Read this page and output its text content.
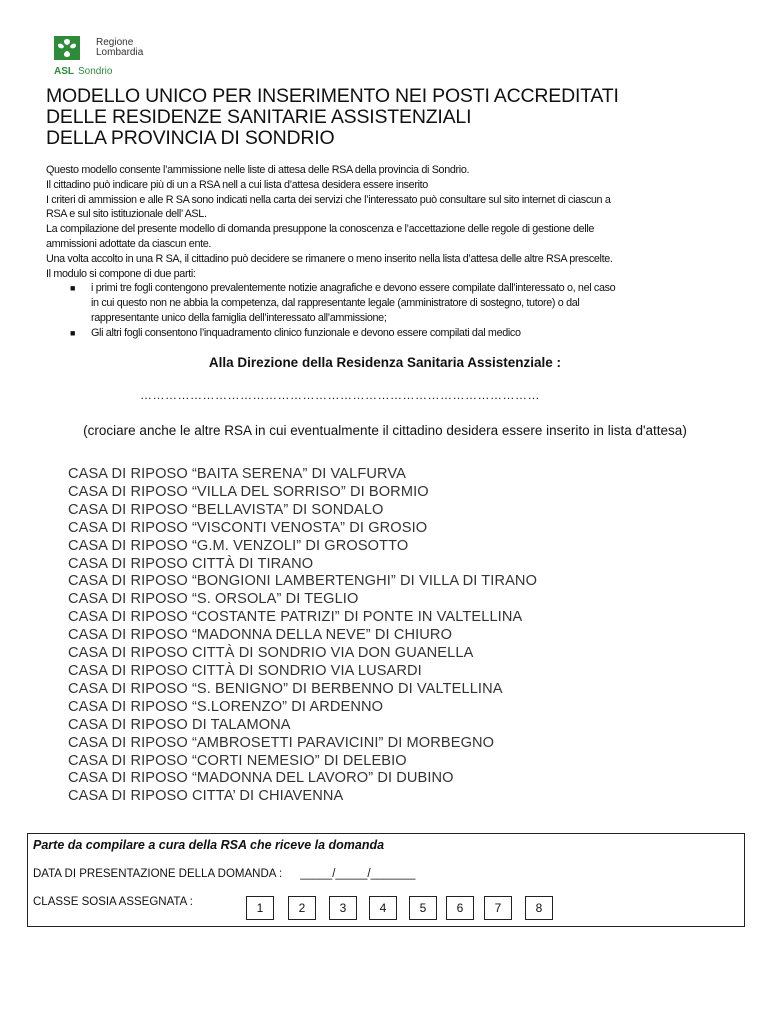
Regione
Lombardia
ASL Sondrio
MODELLO UNICO PER INSERIMENTO NEI POSTI ACCREDITATI
DELLE RESIDENZE SANITARIE ASSISTENZIALI
DELLA PROVINCIA DI SONDRIO
Questo modello consente l’ammissione nelle liste di attesa delle RSA della provincia di Sondrio.
Il cittadino può indicare più di un a RSA nell a cui lista d’attesa desidera essere inserito
I criteri di ammission e alle R SA sono indicati nella carta dei servizi che l’interessato può consultare sul sito internet di ciascun a
RSA e sul sito istituzionale dell’ ASL.
La compilazione del presente modello di domanda presuppone la conoscenza e l’accettazione delle regole di gestione delle
ammissioni adottate da ciascun ente.
Una volta accolto in una R SA, il cittadino può decidere se rimanere o meno inserito nella lista d’attesa delle altre RSA prescelte.
Il modulo si compone di due parti:
■ i primi tre fogli contengono prevalentemente notizie anagrafiche e devono essere compilate dall’interessato o, nel caso
in cui questo non ne abbia la competenza, dal rappresentante legale (amministratore di sostegno, tutore) o dal
rappresentante unico della famiglia dell’interessato all’ammissione;
■ Gli altri fogli consentono l’inquadramento clinico funzionale e devono essere compilati dal medico
Alla Direzione della Residenza Sanitaria Assistenziale :
……………………………………………………………………………………
(crociare anche le altre RSA in cui eventualmente il cittadino desidera essere inserito in lista d'attesa)
CASA DI RIPOSO “BAITA SERENA” DI VALFURVA
CASA DI RIPOSO “VILLA DEL SORRISO” DI BORMIO
CASA DI RIPOSO “BELLAVISTA” DI SONDALO
CASA DI RIPOSO “VISCONTI VENOSTA” DI GROSIO
CASA DI RIPOSO “G.M. VENZOLI” DI GROSOTTO
CASA DI RIPOSO CITTÀ DI TIRANO
CASA DI RIPOSO “BONGIONI LAMBERTENGHI” DI VILLA DI TIRANO
CASA DI RIPOSO “S. ORSOLA” DI TEGLIO
CASA DI RIPOSO “COSTANTE PATRIZI” DI PONTE IN VALTELLINA
CASA DI RIPOSO “MADONNA DELLA NEVE” DI CHIURO
CASA DI RIPOSO CITTÀ DI SONDRIO VIA DON GUANELLA
CASA DI RIPOSO CITTÀ DI SONDRIO VIA LUSARDI
CASA DI RIPOSO “S. BENIGNO” DI BERBENNO DI VALTELLINA
CASA DI RIPOSO “S.LORENZO” DI ARDENNO
CASA DI RIPOSO DI TALAMONA
CASA DI RIPOSO “AMBROSETTI PARAVICINI” DI MORBEGNO
CASA DI RIPOSO “CORTI NEMESIO” DI DELEBIO
CASA DI RIPOSO “MADONNA DEL LAVORO” DI DUBINO
CASA DI RIPOSO CITTA’ DI CHIAVENNA
Parte da compilare a cura della RSA che riceve la domanda
DATA DI PRESENTAZIONE DELLA DOMANDA : _____/_____/_______
CLASSE SOSIA ASSEGNATA :	1	2	3	4	5	6	7	8
